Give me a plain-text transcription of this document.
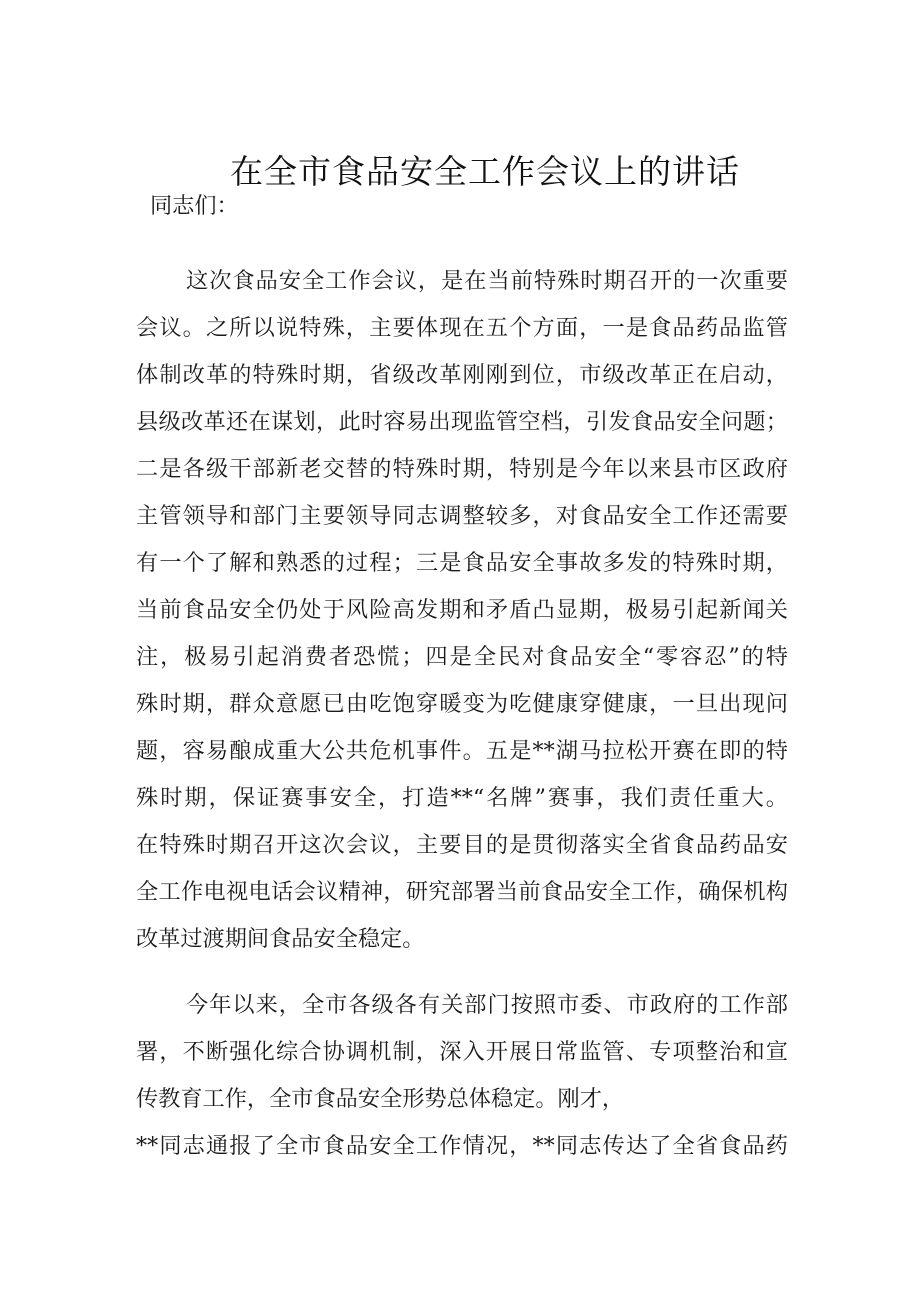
在全市食品安全工作会议上的讲话
同志们：
这次食品安全工作会议，是在当前特殊时期召开的一次重要
会议。之所以说特殊，主要体现在五个方面，一是食品药品监管
体制改革的特殊时期，省级改革刚刚到位，市级改革正在启动，
县级改革还在谋划，此时容易出现监管空档，引发食品安全问题；
二是各级干部新老交替的特殊时期，特别是今年以来县市区政府
主管领导和部门主要领导同志调整较多，对食品安全工作还需要
有一个了解和熟悉的过程；三是食品安全事故多发的特殊时期，
当前食品安全仍处于风险高发期和矛盾凸显期，极易引起新闻关
注，极易引起消费者恐慌；四是全民对食品安全“零容忍”的特
殊时期，群众意愿已由吃饱穿暖变为吃健康穿健康，一旦出现问
题，容易酿成重大公共危机事件。五是**湖马拉松开赛在即的特
殊时期，保证赛事安全，打造**“名牌”赛事，我们责任重大。
在特殊时期召开这次会议，主要目的是贯彻落实全省食品药品安
全工作电视电话会议精神，研究部署当前食品安全工作，确保机构
改革过渡期间食品安全稳定。
今年以来，全市各级各有关部门按照市委、市政府的工作部
署，不断强化综合协调机制，深入开展日常监管、专项整治和宣
传教育工作，全市食品安全形势总体稳定。刚才，
**同志通报了全市食品安全工作情况，**同志传达了全省食品药
